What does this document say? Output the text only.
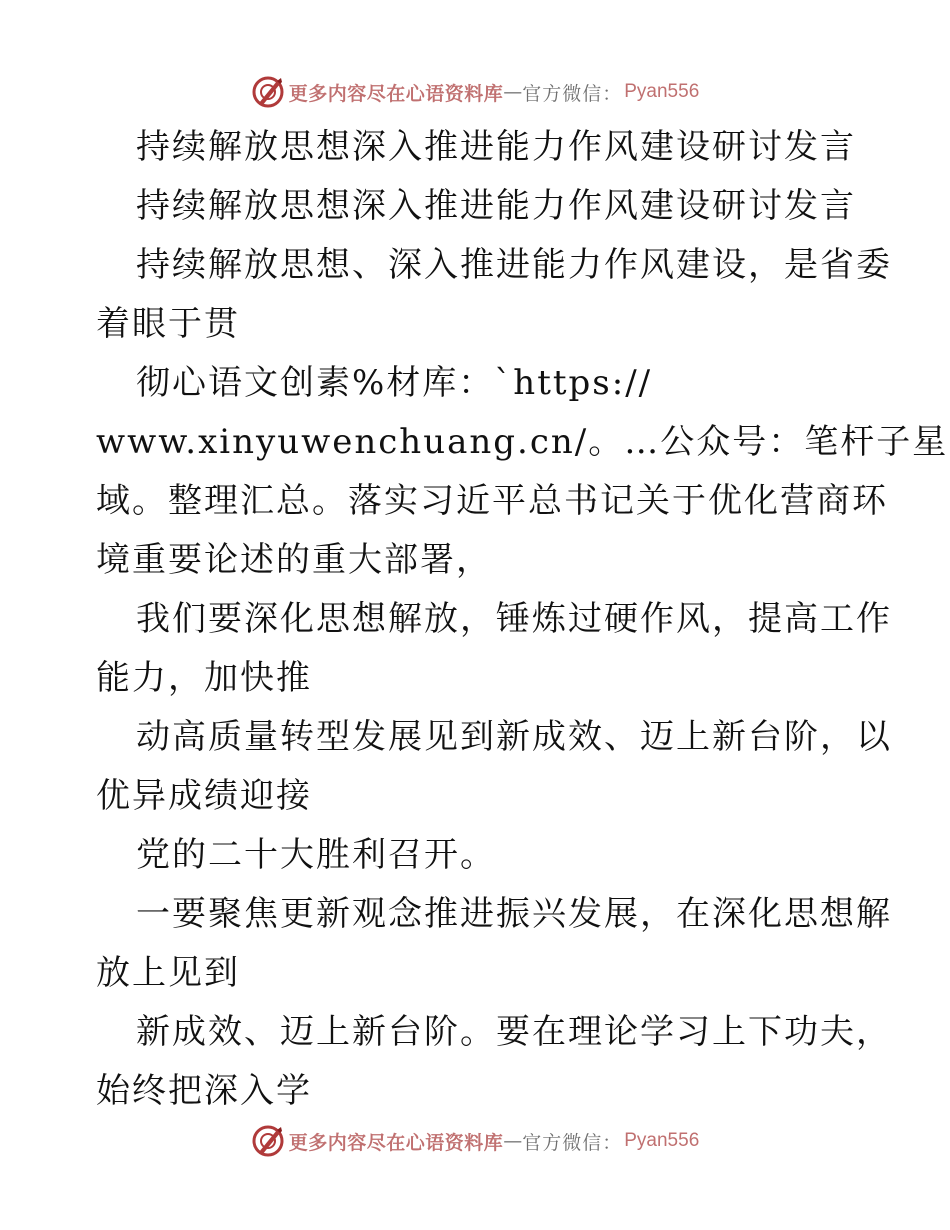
更多内容尽在心语资料库 — 官方微信： Pyan556
持续解放思想深入推进能力作风建设研讨发言
持续解放思想深入推进能力作风建设研讨发言
持续解放思想、深入推进能力作风建设，是省委
着眼于贯
彻心语文创素%材库：`https://
www.xinyuwenchuang.cn/。…公众号：笔杆子星
域。整理汇总。落实习近平总书记关于优化营商环
境重要论述的重大部署，
我们要深化思想解放，锤炼过硬作风，提高工作
能力，加快推
动高质量转型发展见到新成效、迈上新台阶，以
优异成绩迎接
党的二十大胜利召开。
一要聚焦更新观念推进振兴发展，在深化思想解
放上见到
新成效、迈上新台阶。要在理论学习上下功夫，
始终把深入学
更多内容尽在心语资料库 — 官方微信： Pyan556
